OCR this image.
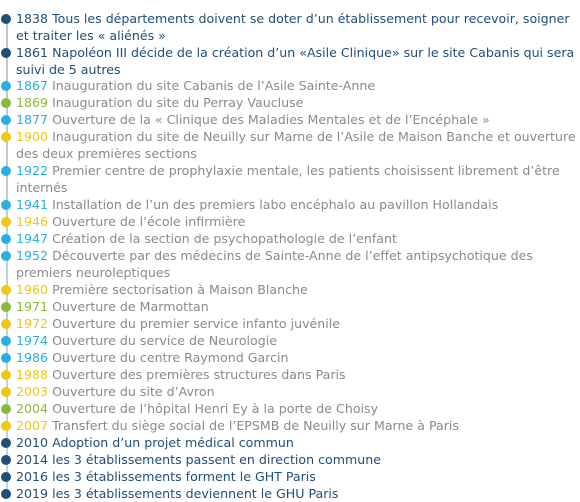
1838 Tous les départements doivent se doter d’un établissement pour recevoir, soigner et traiter les « aliénés »
1861 Napoléon III décide de la création d’un «Asile Clinique» sur le site Cabanis qui sera suivi de 5 autres
1867 Inauguration du site Cabanis de l’Asile Sainte-Anne
1869 Inauguration du site du Perray Vaucluse
1877 Ouverture de la « Clinique des Maladies Mentales et de l’Encéphale »
1900 Inauguration du site de Neuilly sur Marne de l’Asile de Maison Banche et ouverture des deux premières sections
1922 Premier centre de prophylaxie mentale, les patients choisissent librement d’être internés
1941 Installation de l’un des premiers labo encéphalo au pavillon Hollandais
1946 Ouverture de l’école infirmière
1947 Création de la section de psychopathologie de l’enfant
1952 Découverte par des médecins de Sainte-Anne de l’effet antipsychotique des premiers neuroleptiques
1960 Première sectorisation à Maison Blanche
1971 Ouverture de Marmottan
1972 Ouverture du premier service infanto juvénile
1974 Ouverture du service de Neurologie
1986 Ouverture du centre Raymond Garcin
1988 Ouverture des premières structures dans Paris
2003 Ouverture du site d’Avron
2004 Ouverture de l’hôpital Henri Ey à la porte de Choisy
2007 Transfert du siège social de l’EPSMB de Neuilly sur Marne à Paris
2010 Adoption d’un projet médical commun
2014 les 3 établissements passent en direction commune
2016 les 3 établissements forment le GHT Paris
2019 les 3 établissements deviennent le GHU Paris
